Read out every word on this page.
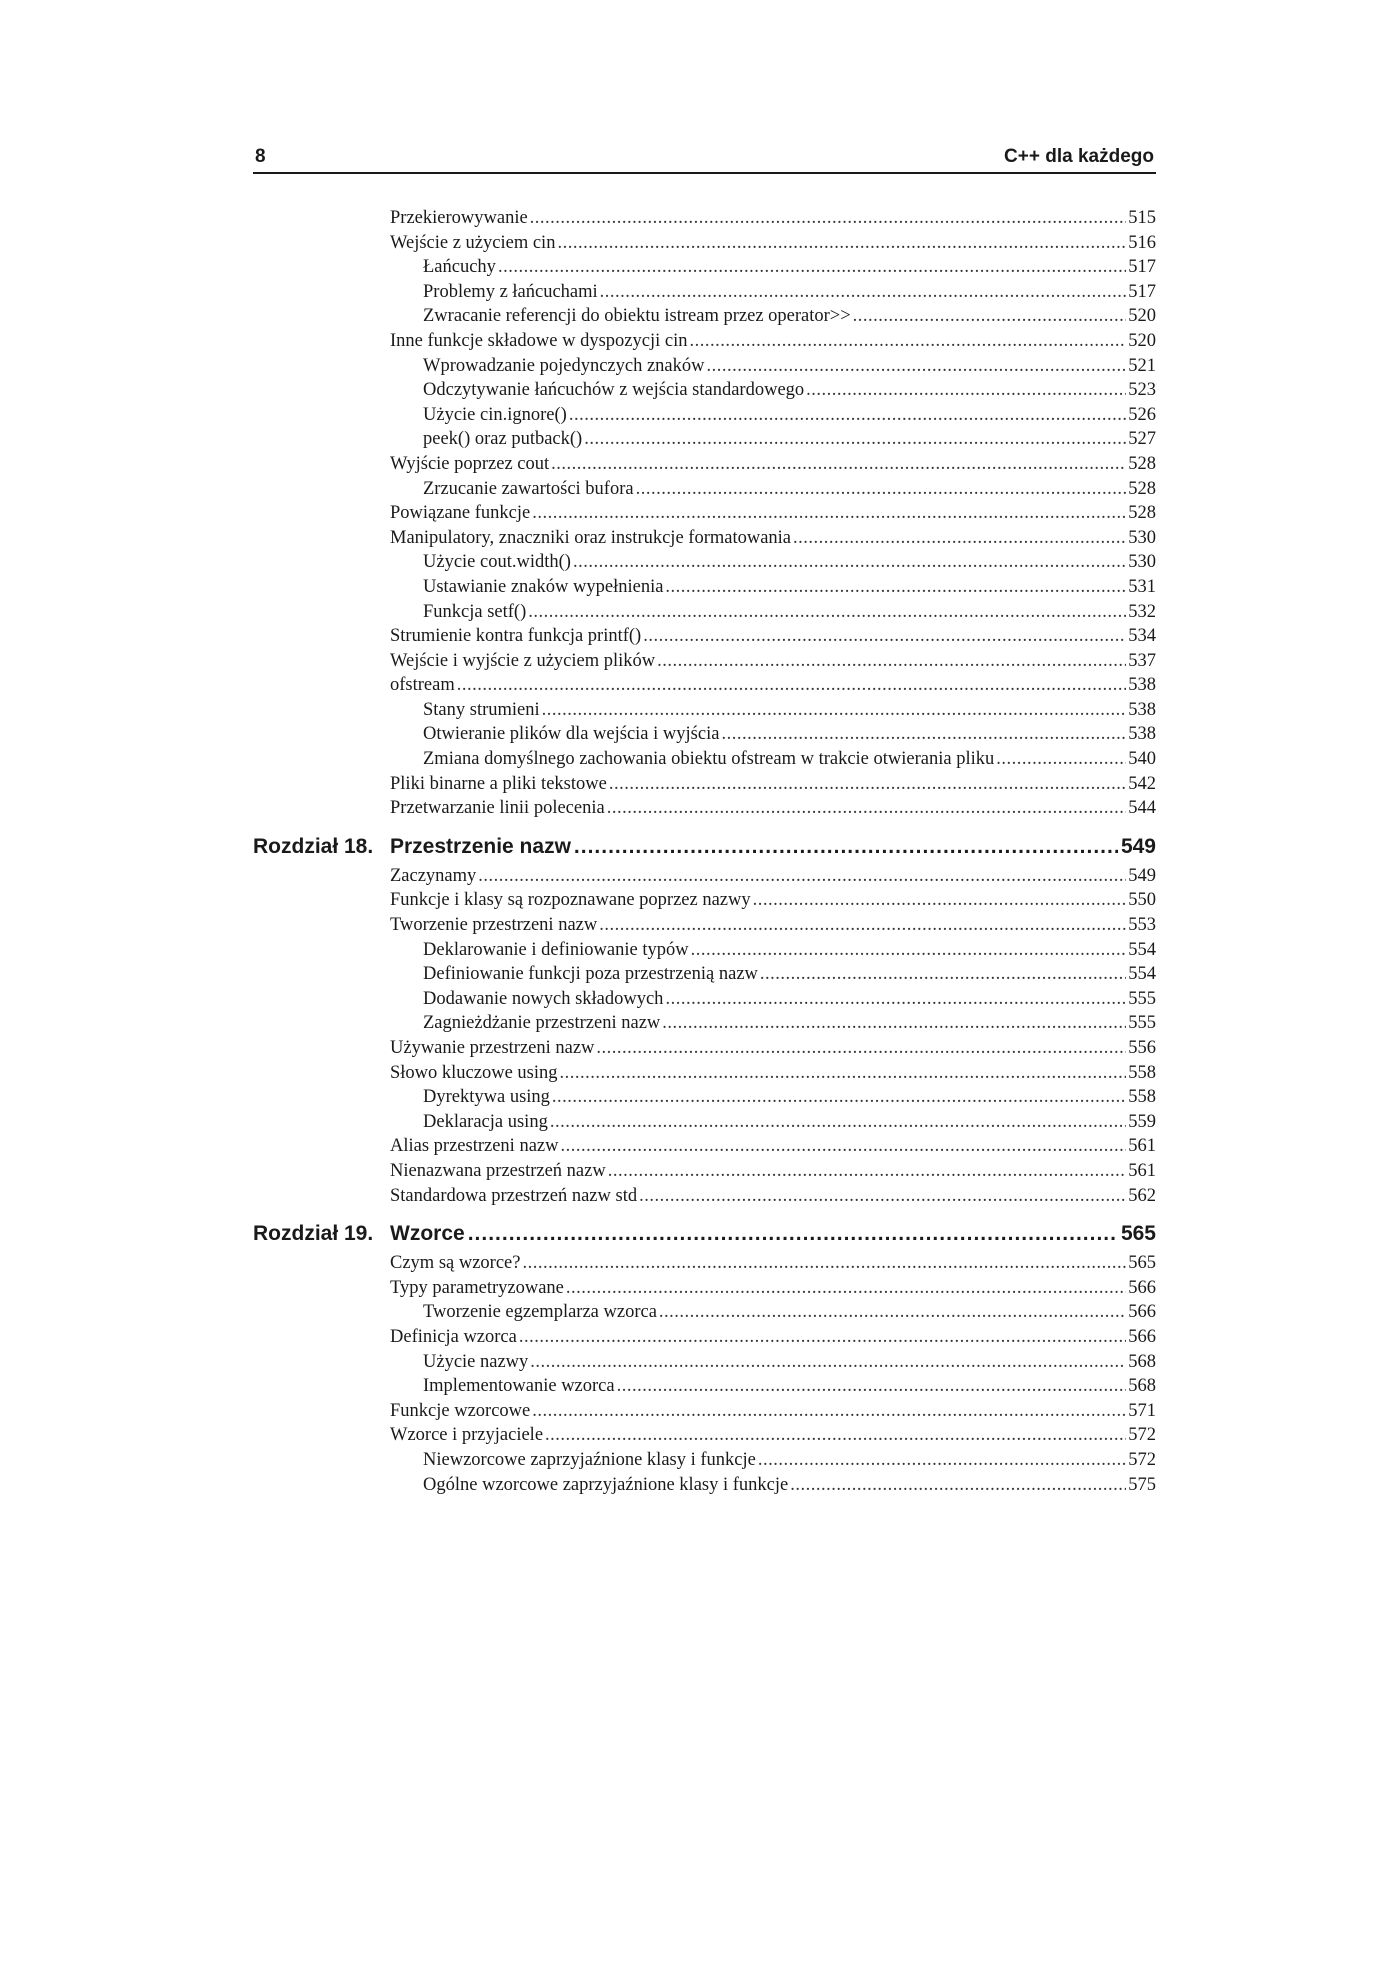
8	C++ dla każdego
Przekierowywanie .....	515
Wejście z użyciem cin .....	516
Łańcuchy .....	517
Problemy z łańcuchami .....	517
Zwracanie referencji do obiektu istream przez operator>> .....	520
Inne funkcje składowe w dyspozycji cin .....	520
Wprowadzanie pojedynczych znaków .....	521
Odczytywanie łańcuchów z wejścia standardowego .....	523
Użycie cin.ignore() .....	526
peek() oraz putback() .....	527
Wyjście poprzez cout .....	528
Zrzucanie zawartości bufora .....	528
Powiązane funkcje .....	528
Manipulatory, znaczniki oraz instrukcje formatowania .....	530
Użycie cout.width() .....	530
Ustawianie znaków wypełnienia .....	531
Funkcja setf() .....	532
Strumienie kontra funkcja printf() .....	534
Wejście i wyjście z użyciem plików .....	537
ofstream .....	538
Stany strumieni .....	538
Otwieranie plików dla wejścia i wyjścia .....	538
Zmiana domyślnego zachowania obiektu ofstream w trakcie otwierania pliku .....	540
Pliki binarne a pliki tekstowe .....	542
Przetwarzanie linii polecenia .....	544
Rozdział 18. Przestrzenie nazw .....	549
Zaczynamy .....	549
Funkcje i klasy są rozpoznawane poprzez nazwy .....	550
Tworzenie przestrzeni nazw .....	553
Deklarowanie i definiowanie typów .....	554
Definiowanie funkcji poza przestrzenią nazw .....	554
Dodawanie nowych składowych .....	555
Zagnieżdżanie przestrzeni nazw .....	555
Używanie przestrzeni nazw .....	556
Słowo kluczowe using .....	558
Dyrektywa using .....	558
Deklaracja using .....	559
Alias przestrzeni nazw .....	561
Nienazwana przestrzeń nazw .....	561
Standardowa przestrzeń nazw std .....	562
Rozdział 19. Wzorce .....	565
Czym są wzorce? .....	565
Typy parametryzowane .....	566
Tworzenie egzemplarza wzorca .....	566
Definicja wzorca .....	566
Użycie nazwy .....	568
Implementowanie wzorca .....	568
Funkcje wzorcowe .....	571
Wzorce i przyjaciele .....	572
Niewzorcowe zaprzyjaźnione klasy i funkcje .....	572
Ogólne wzorcowe zaprzyjaźnione klasy i funkcje .....	575
